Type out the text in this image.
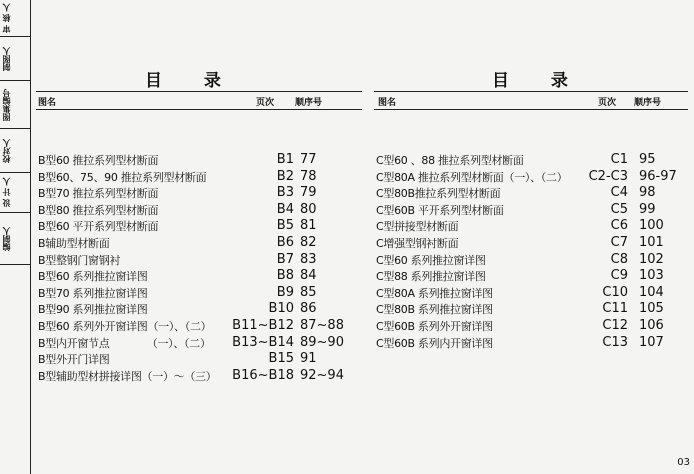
审 核 人
制图人
图集编号
校对人
设 计 人
编制人
目 录
图名	页次 顺序号
B型60 推拉系列型材断面	B1 77
B型60、75、90 推拉系列型材断面	B2 78
B型70 推拉系列型材断面	B3 79
B型80 推拉系列型材断面	B4 80
B型60 平开系列型材断面	B5 81
B辅助型材断面	B6 82
B型整钢门窗钢衬	B7 83
B型60 系列推拉窗详图	B8 84
B型70 系列推拉窗详图	B9 85
B型90 系列推拉窗详图	B10 86
B型60 系列外开窗详图（一）、（二） B11~B12 87~88
B型内开窗节点　　　　（一）、（二） B13~B14 89~90
B型外开门详图	B15 91
B型辅助型材拼接详图（一）～（三） B16~B18 92~94
目 录
图名	页次 顺序号
C型60 、88 推拉系列型材断面	C1 95
C型80A 推拉系列型材断面（一）、（二） C2-C3 96-97
C型80B推拉系列型材断面	C4 98
C型60B 平开系列型材断面	C5 99
C型拼接型材断面	C6 100
C增强型钢衬断面	C7 101
C型60 系列推拉窗详图	C8 102
C型88 系列推拉窗详图	C9 103
C型80A 系列推拉窗详图	C10 104
C型80B 系列推拉窗详图	C11 105
C型60B 系列外开窗详图	C12 106
C型60B 系列内开窗详图	C13 107
03
